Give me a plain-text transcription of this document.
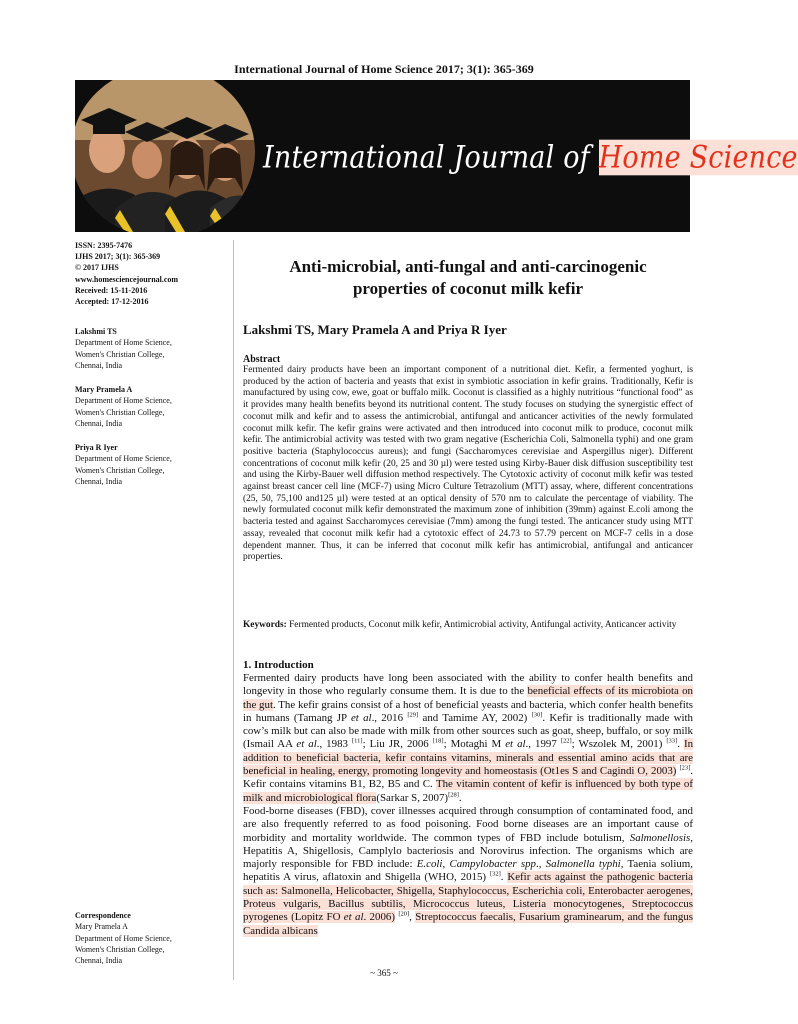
International Journal of Home Science 2017; 3(1): 365-369
International Journal of Home Science
ISSN: 2395-7476
IJHS 2017; 3(1): 365-369
© 2017 IJHS
www.homesciencejournal.com
Received: 15-11-2016
Accepted: 17-12-2016
Lakshmi TS
Department of Home Science,
Women's Christian College,
Chennai, India
Mary Pramela A
Department of Home Science,
Women's Christian College,
Chennai, India
Priya R Iyer
Department of Home Science,
Women's Christian College,
Chennai, India
Correspondence
Mary Pramela A
Department of Home Science,
Women's Christian College,
Chennai, India
Anti-microbial, anti-fungal and anti-carcinogenic
properties of coconut milk kefir
Lakshmi TS, Mary Pramela A and Priya R Iyer
Abstract
Fermented dairy products have been an important component of a nutritional diet. Kefir, a fermented yoghurt, is produced by the action of bacteria and yeasts that exist in symbiotic association in kefir grains. Traditionally, Kefir is manufactured by using cow, ewe, goat or buffalo milk. Coconut is classified as a highly nutritious “functional food” as it provides many health benefits beyond its nutritional content. The study focuses on studying the synergistic effect of coconut milk and kefir and to assess the antimicrobial, antifungal and anticancer activities of the newly formulated coconut milk kefir. The kefir grains were activated and then introduced into coconut milk to produce, coconut milk kefir. The antimicrobial activity was tested with two gram negative (Escherichia Coli, Salmonella typhi) and one gram positive bacteria (Staphylococcus aureus); and fungi (Saccharomyces cerevisiae and Aspergillus niger). Different concentrations of coconut milk kefir (20, 25 and 30 µl) were tested using Kirby-Bauer disk diffusion susceptibility test and using the Kirby-Bauer well diffusion method respectively. The Cytotoxic activity of coconut milk kefir was tested against breast cancer cell line (MCF-7) using Micro Culture Tetrazolium (MTT) assay, where, different concentrations (25, 50, 75,100 and125 µl) were tested at an optical density of 570 nm to calculate the percentage of viability. The newly formulated coconut milk kefir demonstrated the maximum zone of inhibition (39mm) against E.coli among the bacteria tested and against Saccharomyces cerevisiae (7mm) among the fungi tested. The anticancer study using MTT assay, revealed that coconut milk kefir had a cytotoxic effect of 24.73 to 57.79 percent on MCF-7 cells in a dose dependent manner. Thus, it can be inferred that coconut milk kefir has antimicrobial, antifungal and anticancer properties.
Keywords: Fermented products, Coconut milk kefir, Antimicrobial activity, Antifungal activity, Anticancer activity
1. Introduction

Fermented dairy products have long been associated with the ability to confer health benefits and longevity in those who regularly consume them. It is due to the beneficial effects of its microbiota on the gut. The kefir grains consist of a host of beneficial yeasts and bacteria, which confer health benefits in humans (Tamang JP et al., 2016 [29] and Tamime AY, 2002) [30]. Kefir is traditionally made with cow’s milk but can also be made with milk from other sources such as goat, sheep, buffalo, or soy milk (Ismail AA et al., 1983 [11]; Liu JR, 2006 [18]; Motaghi M et al., 1997 [22]; Wszolek M, 2001) [33]. In addition to beneficial bacteria, kefir contains vitamins, minerals and essential amino acids that are beneficial in healing, energy, promoting longevity and homeostasis (Ot1es S and Cagindi O, 2003) [23]. Kefir contains vitamins B1, B2, B5 and C. The vitamin content of kefir is influenced by both type of milk and microbiological flora(Sarkar S, 2007)[28].

Food-borne diseases (FBD), cover illnesses acquired through consumption of contaminated food, and are also frequently referred to as food poisoning. Food borne diseases are an important cause of morbidity and mortality worldwide. The common types of FBD include botulism, Salmonellosis, Hepatitis A, Shigellosis, Camplylo bacteriosis and Norovirus infection. The organisms which are majorly responsible for FBD include: E.coli, Campylobacter spp., Salmonella typhi, Taenia solium, hepatitis A virus, aflatoxin and Shigella (WHO, 2015) [32]. Kefir acts against the pathogenic bacteria such as: Salmonella, Helicobacter, Shigella, Staphylococcus, Escherichia coli, Enterobacter aerogenes, Proteus vulgaris, Bacillus subtilis, Micrococcus luteus, Listeria monocytogenes, Streptococcus pyrogenes (Lopitz FO et al. 2006) [20], Streptococcus faecalis, Fusarium graminearum, and the fungus Candida albicans

~ 365 ~
